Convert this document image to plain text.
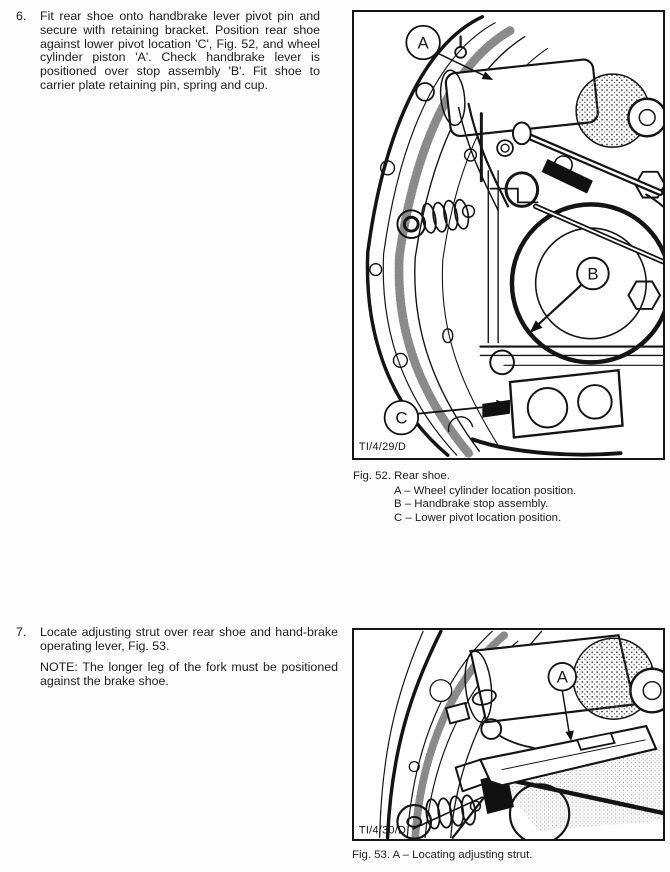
6. Fit rear shoe onto handbrake lever pivot pin and secure with retaining bracket. Position rear shoe against lower pivot location 'C', Fig. 52, and wheel cylinder piston 'A'. Check handbrake lever is positioned over stop assembly 'B'. Fit shoe to carrier plate retaining pin, spring and cup.

A
B
C
TI/4/29/D
Fig. 52. Rear shoe.
A – Wheel cylinder location position.
B – Handbrake stop assembly.
C – Lower pivot location position.
7. Locate adjusting strut over rear shoe and hand-brake operating lever, Fig. 53.

NOTE: The longer leg of the fork must be positioned against the brake shoe.	A
TI/4/30/D
Fig. 53. A – Locating adjusting strut.
